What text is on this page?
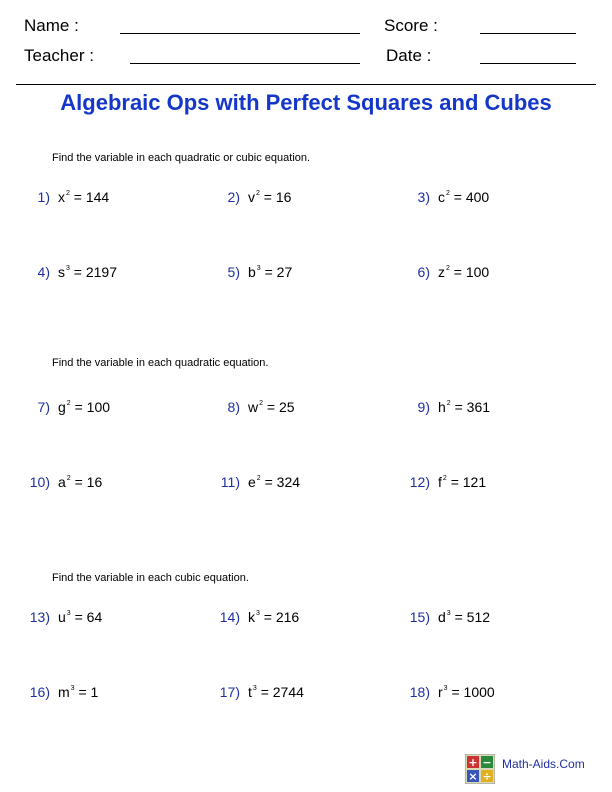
Name :	Score :
Teacher :	Date :
Algebraic Ops with Perfect Squares and Cubes
Find the variable in each quadratic or cubic equation.
1) $x^2 = 144$	2) $v^2 = 16$	3) $c^2 = 400$
4) $s^3 = 2197$	5) $b^3 = 27$	6) $z^2 = 100$
Find the variable in each quadratic equation.
7) $g^2 = 100$	8) $w^2 = 25$	9) $h^2 = 361$
10) $a^2 = 16$	11) $e^2 = 324$	12) $f^2 = 121$
Find the variable in each cubic equation.
13) $u^3 = 64$	14) $k^3 = 216$	15) $d^3 = 512$
16) $m^3 = 1$	17) $t^3 = 2744$	18) $r^3 = 1000$
+ −
× ÷
Math-Aids.Com
